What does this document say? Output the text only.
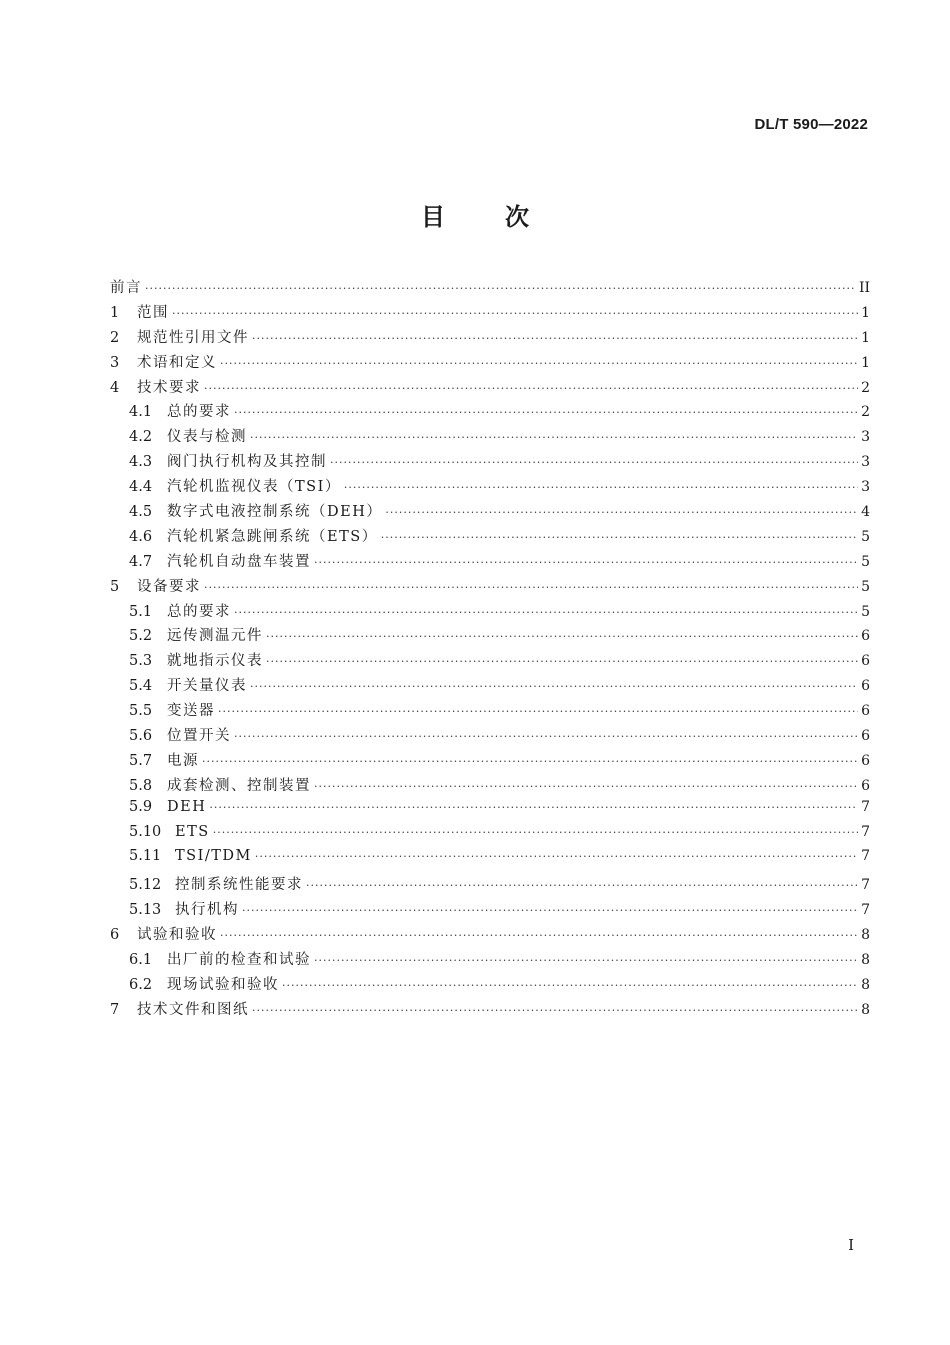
DL/T 590—2022
目次
前言 ·····	II
1	范围 ·····	1
2	规范性引用文件 ·····	1
3	术语和定义 ·····	1
4	技术要求 ·····	2
4.1	总的要求 ·····	2
4.2	仪表与检测 ·····	3
4.3	阀门执行机构及其控制 ·····	3
4.4	汽轮机监视仪表（TSI） ·····	3
4.5	数字式电液控制系统（DEH） ·····	4
4.6	汽轮机紧急跳闸系统（ETS） ·····	5
4.7	汽轮机自动盘车装置 ·····	5
5	设备要求 ·····	5
5.1	总的要求 ·····	5
5.2	远传测温元件 ·····	6
5.3	就地指示仪表 ·····	6
5.4	开关量仪表 ·····	6
5.5	变送器 ·····	6
5.6	位置开关 ·····	6
5.7	电源 ·····	6
5.8	成套检测、控制装置 ·····	6
5.9	DEH ·····	7
5.10 ETS ·····	7
5.11 TSI/TDM ·····	7
5.12 控制系统性能要求 ·····	7
5.13 执行机构 ·····	7
6	试验和验收 ·····	8
6.1	出厂前的检查和试验 ·····	8
6.2	现场试验和验收 ·····	8
7	技术文件和图纸 ·····	8
I
